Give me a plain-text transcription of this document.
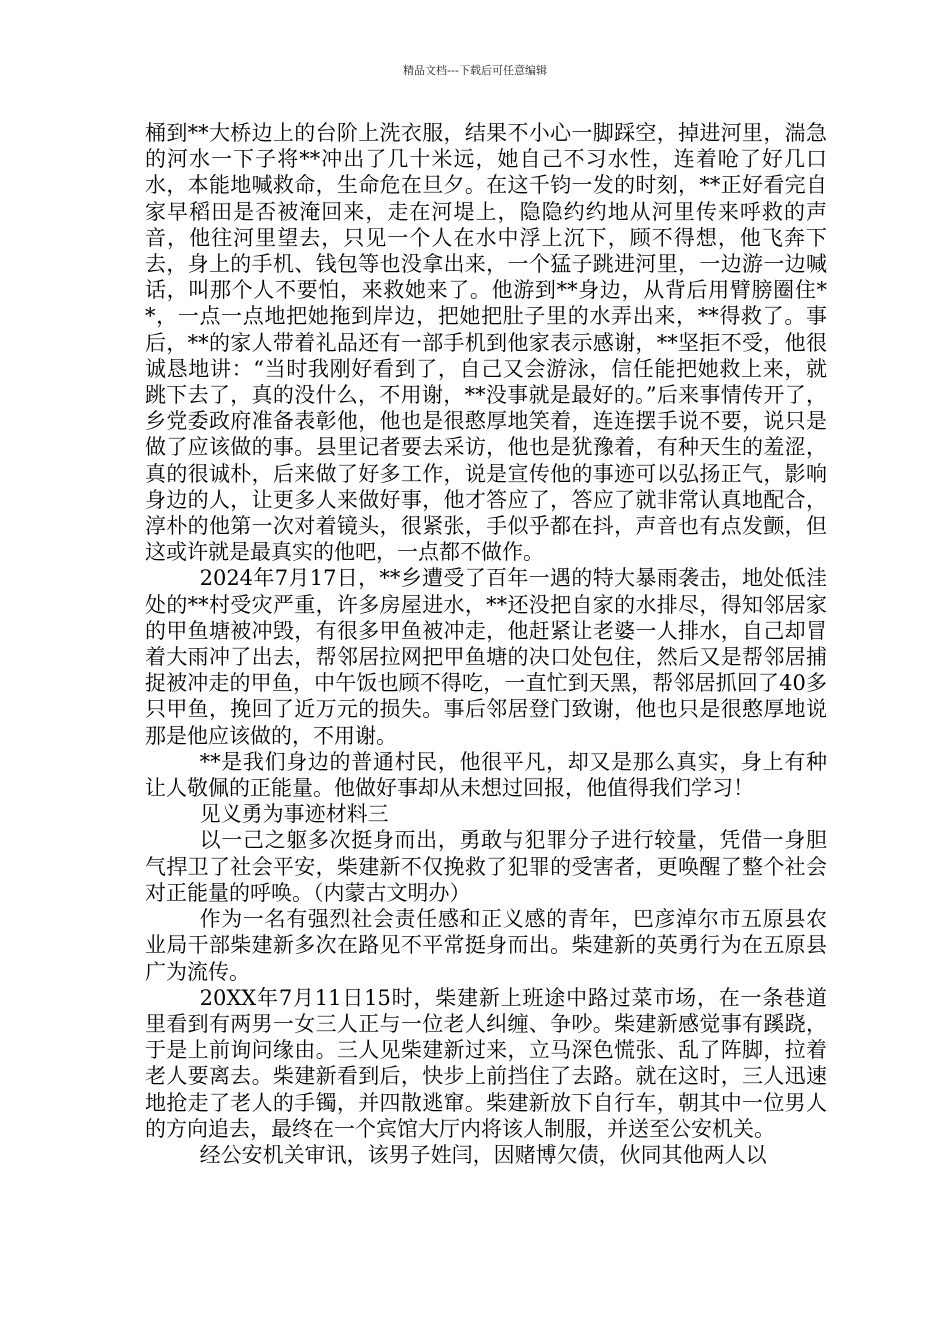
精品文档---下载后可任意编辑

桶到**大桥边上的台阶上洗衣服，结果不小心一脚踩空，掉进河里，湍急的河水一下子将**冲出了几十米远，她自己不习水性，连着呛了好几口水，本能地喊救命，生命危在旦夕。在这千钧一发的时刻，**正好看完自家早稻田是否被淹回来，走在河堤上，隐隐约约地从河里传来呼救的声音，他往河里望去，只见一个人在水中浮上沉下，顾不得想，他飞奔下去，身上的手机、钱包等也没拿出来，一个猛子跳进河里，一边游一边喊话，叫那个人不要怕，来救她来了。他游到**身边，从背后用臂膀圈住**，一点一点地把她拖到岸边，把她把肚子里的水弄出来，**得救了。事后，**的家人带着礼品还有一部手机到他家表示感谢，**坚拒不受，他很诚恳地讲：“当时我刚好看到了，自己又会游泳，信任能把她救上来，就跳下去了，真的没什么，不用谢，**没事就是最好的。”后来事情传开了，乡党委政府准备表彰他，他也是很憨厚地笑着，连连摆手说不要，说只是做了应该做的事。县里记者要去采访，他也是犹豫着，有种天生的羞涩，真的很诚朴，后来做了好多工作，说是宣传他的事迹可以弘扬正气，影响身边的人，让更多人来做好事，他才答应了，答应了就非常认真地配合，淳朴的他第一次对着镜头，很紧张，手似乎都在抖，声音也有点发颤，但这或许就是最真实的他吧，一点都不做作。

2024年7月17日，**乡遭受了百年一遇的特大暴雨袭击，地处低洼处的**村受灾严重，许多房屋进水，**还没把自家的水排尽，得知邻居家的甲鱼塘被冲毁，有很多甲鱼被冲走，他赶紧让老婆一人排水，自己却冒着大雨冲了出去，帮邻居拉网把甲鱼塘的决口处包住，然后又是帮邻居捕捉被冲走的甲鱼，中午饭也顾不得吃，一直忙到天黑，帮邻居抓回了40多只甲鱼，挽回了近万元的损失。事后邻居登门致谢，他也只是很憨厚地说那是他应该做的，不用谢。

**是我们身边的普通村民，他很平凡，却又是那么真实，身上有种让人敬佩的正能量。他做好事却从未想过回报，他值得我们学习！

见义勇为事迹材料三

以一己之躯多次挺身而出，勇敢与犯罪分子进行较量，凭借一身胆气捍卫了社会平安，柴建新不仅挽救了犯罪的受害者，更唤醒了整个社会对正能量的呼唤。（内蒙古文明办）

作为一名有强烈社会责任感和正义感的青年，巴彦淖尔市五原县农业局干部柴建新多次在路见不平常挺身而出。柴建新的英勇行为在五原县广为流传。

20XX年7月11日15时，柴建新上班途中路过菜市场，在一条巷道里看到有两男一女三人正与一位老人纠缠、争吵。柴建新感觉事有蹊跷，于是上前询问缘由。三人见柴建新过来，立马深色慌张、乱了阵脚，拉着老人要离去。柴建新看到后，快步上前挡住了去路。就在这时，三人迅速地抢走了老人的手镯，并四散逃窜。柴建新放下自行车，朝其中一位男人的方向追去，最终在一个宾馆大厅内将该人制服，并送至公安机关。

经公安机关审讯，该男子姓闫，因赌博欠债，伙同其他两人以
